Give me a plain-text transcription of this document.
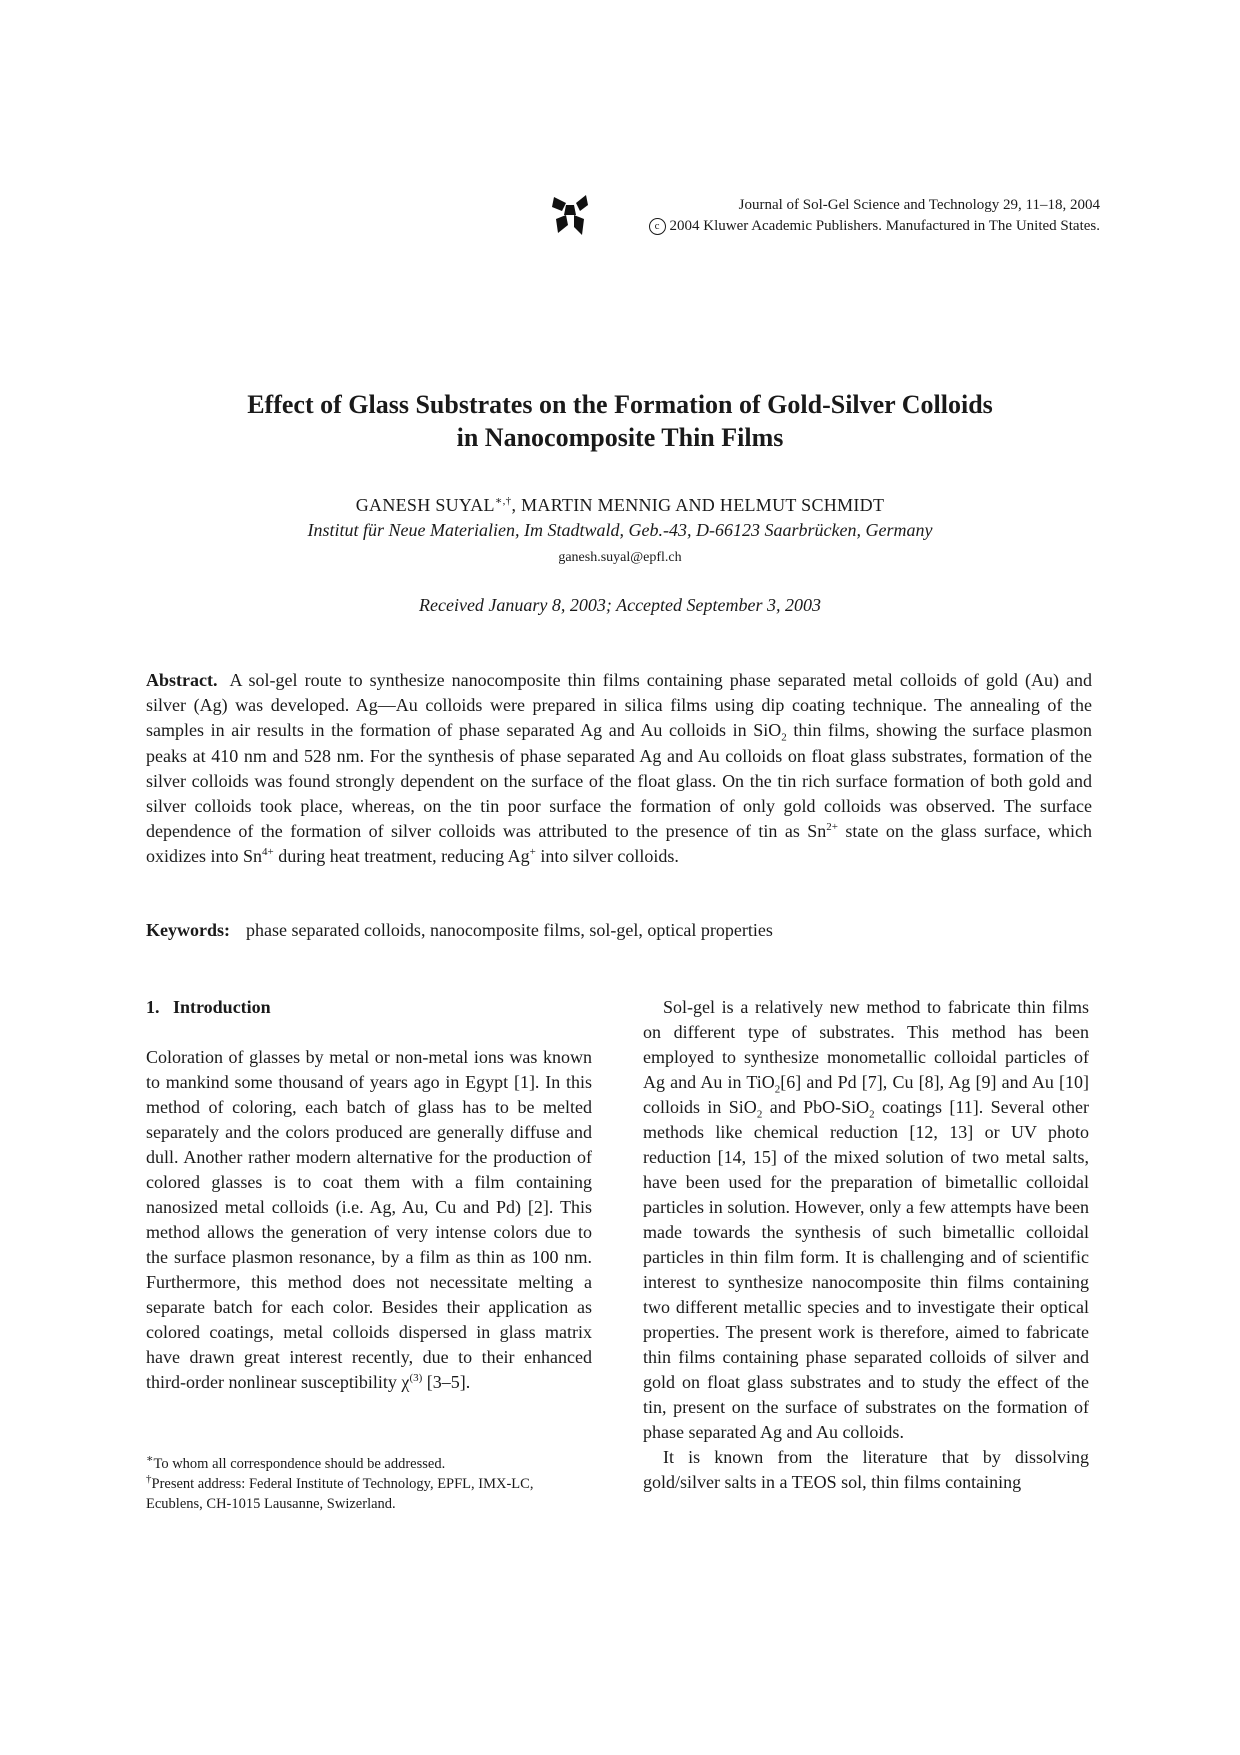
Journal of Sol-Gel Science and Technology 29, 11–18, 2004
c 2004 Kluwer Academic Publishers. Manufactured in The United States.
Effect of Glass Substrates on the Formation of Gold-Silver Colloids
in Nanocomposite Thin Films
GANESH SUYAL∗,†, MARTIN MENNIG AND HELMUT SCHMIDT
Institut für Neue Materialien, Im Stadtwald, Geb.-43, D-66123 Saarbrücken, Germany
ganesh.suyal@epfl.ch
Received January 8, 2003; Accepted September 3, 2003
Abstract. A sol-gel route to synthesize nanocomposite thin films containing phase separated metal colloids of gold (Au) and silver (Ag) was developed. Ag—Au colloids were prepared in silica films using dip coating technique. The annealing of the samples in air results in the formation of phase separated Ag and Au colloids in SiO$_2$ thin films, showing the surface plasmon peaks at 410 nm and 528 nm. For the synthesis of phase separated Ag and Au colloids on float glass substrates, formation of the silver colloids was found strongly dependent on the surface of the float glass. On the tin rich surface formation of both gold and silver colloids took place, whereas, on the tin poor surface the formation of only gold colloids was observed. The surface dependence of the formation of silver colloids was attributed to the presence of tin as $Sn^{2+}$ state on the glass surface, which oxidizes into $Sn^{4+}$ during heat treatment, reducing Ag+ into silver colloids.
Keywords: phase separated colloids, nanocomposite films, sol-gel, optical properties
1.   Introduction

Coloration of glasses by metal or non-metal ions was known to mankind some thousand of years ago in Egypt [1]. In this method of coloring, each batch of glass has to be melted separately and the colors produced are generally diffuse and dull. Another rather modern alternative for the production of colored glasses is to coat them with a film containing nanosized metal colloids (i.e. Ag, Au, Cu and Pd) [2]. This method allows the generation of very intense colors due to the surface plasmon resonance, by a film as thin as 100 nm. Furthermore, this method does not necessitate melting a separate batch for each color. Besides their application as colored coatings, metal colloids dispersed in glass matrix have drawn great interest recently, due to their enhanced third-order nonlinear susceptibility $\chi^{(3)}$ [3–5].

Sol-gel is a relatively new method to fabricate thin films on different type of substrates. This method has been employed to synthesize monometallic colloidal particles of Ag and Au in TiO$_2$[6] and Pd [7], Cu [8], Ag [9] and Au [10] colloids in SiO$_2$ and PbO-SiO$_2$ coatings [11]. Several other methods like chemical reduction [12, 13] or UV photo reduction [14, 15] of the mixed solution of two metal salts, have been used for the preparation of bimetallic colloidal particles in solution. However, only a few attempts have been made towards the synthesis of such bimetallic colloidal particles in thin film form. It is challenging and of scientific interest to synthesize nanocomposite thin films containing two different metallic species and to investigate their optical properties. The present work is therefore, aimed to fabricate thin films containing phase separated colloids of silver and gold on float glass substrates and to study the effect of the tin, present on the surface of substrates on the formation of phase separated Ag and Au colloids.

It is known from the literature that by dissolving gold/silver salts in a TEOS sol, thin films containing

∗To whom all correspondence should be addressed.

†Present address: Federal Institute of Technology, EPFL, IMX-LC, Ecublens, CH-1015 Lausanne, Swizerland.
